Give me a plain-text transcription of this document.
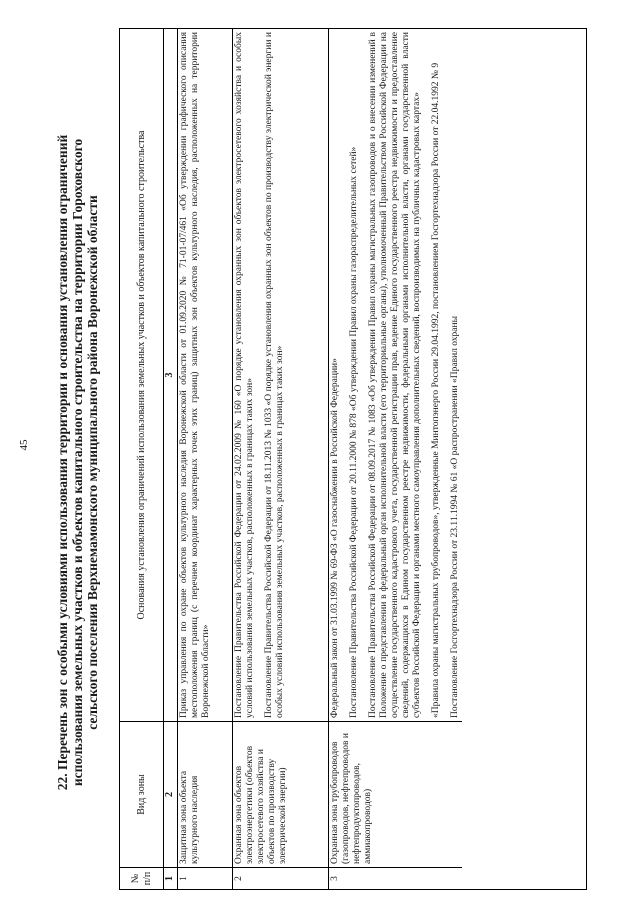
45 22. Перечень зон с особыми условиями использования территории и основания установления ограничений использования земельных участков и объектов капитального строительства на территории Гороховского сельского поселения Верхнемамонского муниципального района Воронежской области
№ п/п
Вид зоны
Основания установления ограничений использования земельных участков и объектов капитального строительства
1
2
3
1
Защитная зона объекта культурного наследия

Приказ управления по охране объектов культурного наследия Воронежской области от 01.09.2020 № 71-01-07/461 «Об утверждении графического описания местоположения границ (с перечнем координат характерных точек этих границ) защитных зон объектов культурного наследия, расположенных на территории Воронежской области»

2
Охранная зона объектов электроэнергетики (объектов электросетевого хозяйства и объектов по производству электрической энергии)

Постановление Правительства Российской Федерации от 24.02.2009 № 160 «О порядке установления охранных зон объектов электросетевого хозяйства и особых условий использования земельных участков, расположенных в границах таких зон» Постановление Правительства Российской Федерации от 18.11.2013 № 1033 «О порядке установления охранных зон объектов по производству электрической энергии и особых условий использования земельных участков, расположенных в границах таких зон»

3
Охранная зона трубопроводов (газопроводов, нефтепроводов и нефтепродуктопроводов, аммиакопроводов)

Федеральный закон от 31.03.1999 № 69-ФЗ «О газоснабжении в Российской Федерации» Постановление Правительства Российской Федерации от 20.11.2000 № 878 «Об утверждении Правил охраны газораспределительных сетей» Постановление Правительства Российской Федерации от 08.09.2017 № 1083 «Об утверждении Правил охраны магистральных газопроводов и о внесении изменений в Положение о представлении в федеральный орган исполнительной власти (его территориальные органы), уполномоченный Правительством Российской Федерации на осуществление государственного кадастрового учета, государственной регистрации прав, ведение Единого государственного реестра недвижимости и предоставление сведений, содержащихся в Едином государственном реестре недвижимости, федеральными органами исполнительной власти, органами государственной власти субъектов Российской Федерации и органами местного самоуправления дополнительных сведений, воспроизводимых на публичных кадастровых картах» «Правила охраны магистральных трубопроводов», утвержденные Минтопэнерго России 29.04.1992, постановлением Госгортехнадзора России от 22.04.1992 № 9 Постановление Госгортехнадзора России от 23.11.1994 № 61 «О распространении «Правил охраны
